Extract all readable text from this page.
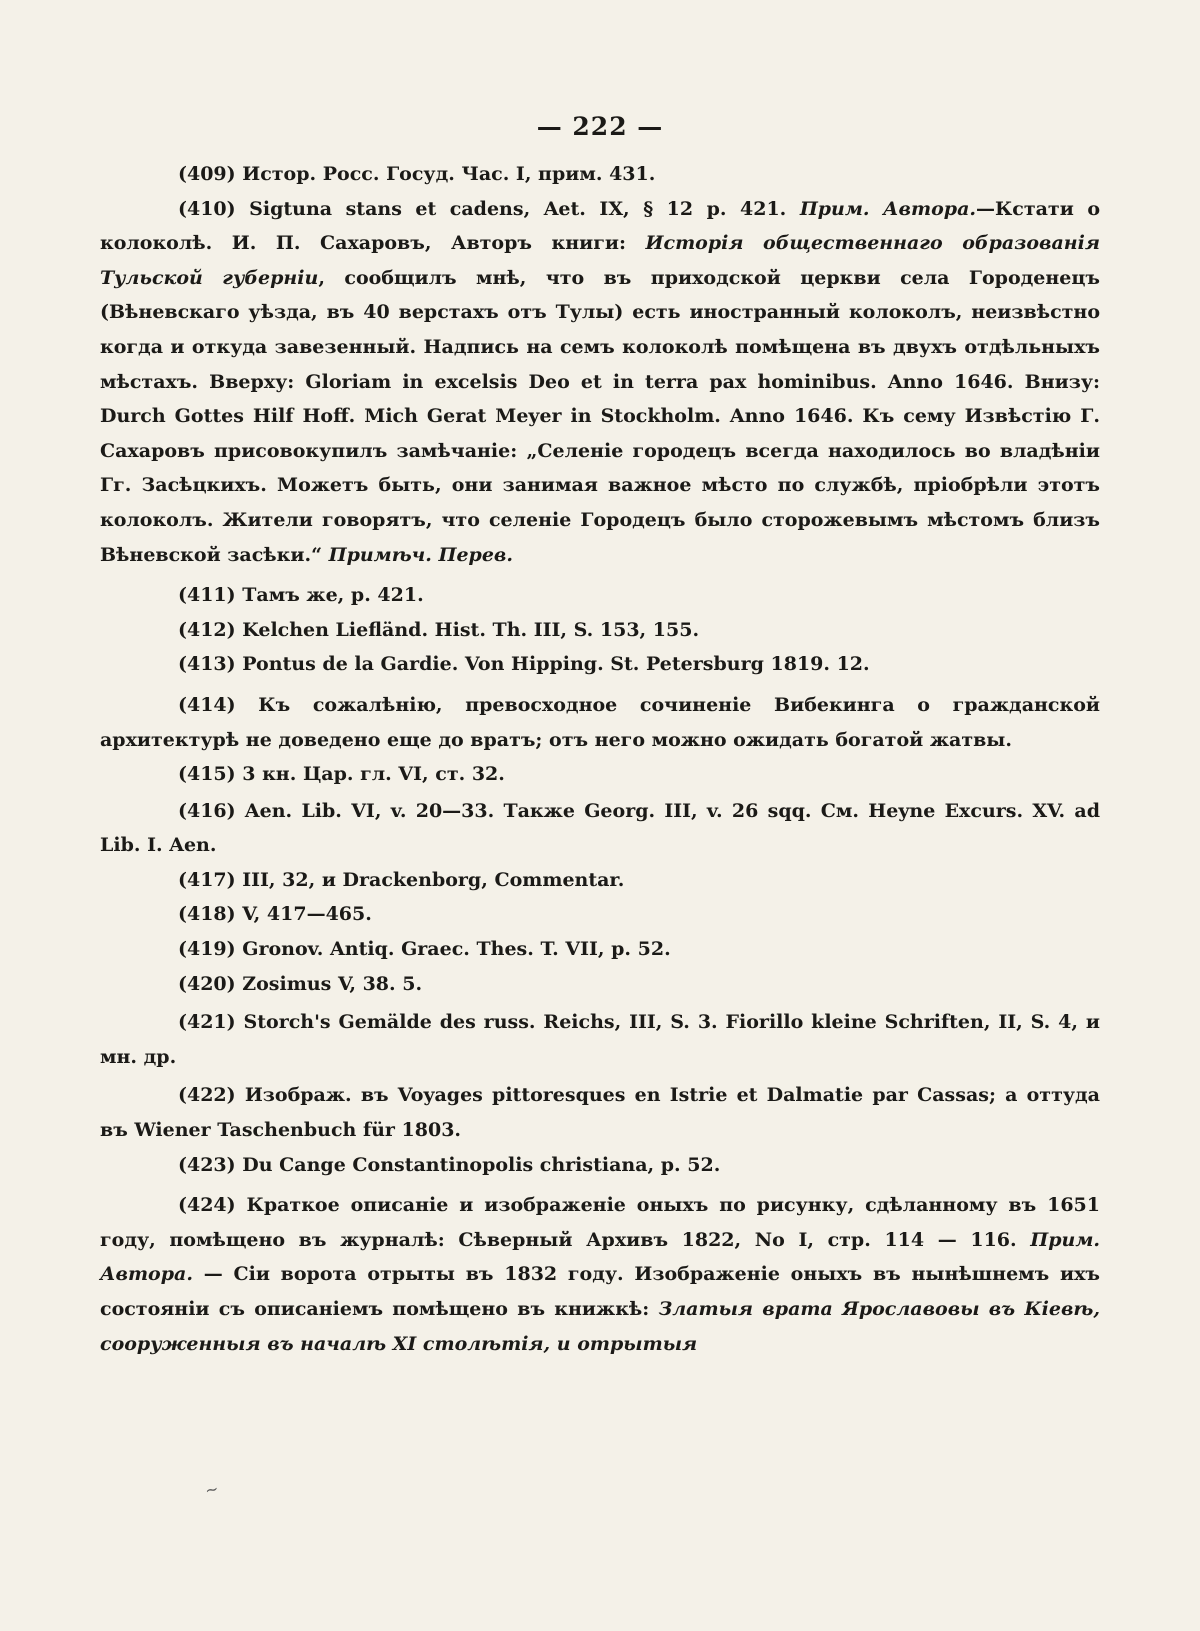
— 222 —

(409) Истор. Росс. Госуд. Час. I, прим. 431.

(410) Sigtuna stans et cadens, Aet. IX, § 12 p. 421. Прим. Автора.—Кстати о колоколѣ. И. П. Сахаровъ, Авторъ книги: Исторія общественнаго образованія Тульской губерніи, сообщилъ мнѣ, что въ приходской церкви села Городенецъ (Вѣневскаго уѣзда, въ 40 верстахъ отъ Тулы) есть иностранный колоколъ, неизвѣстно когда и откуда завезенный. Надпись на семъ колоколѣ помѣщена въ двухъ отдѣльныхъ мѣстахъ. Вверху: Gloriam in excelsis Deo et in terra pax hominibus. Anno 1646. Внизу: Durch Gottes Hilf Hoff. Mich Gerat Meyer in Stockholm. Anno 1646. Къ сему Извѣстію Г. Сахаровъ присовокупилъ замѣчаніе: „Селеніе городецъ всегда находилось во владѣніи Гг. Засѣцкихъ. Можетъ быть, они занимая важное мѣсто по службѣ, пріобрѣли этотъ колоколъ. Жители говорятъ, что селеніе Городецъ было сторожевымъ мѣстомъ близъ Вѣневской засѣки.“ Примѣч. Перев.

(411) Тамъ же, p. 421.

(412) Kelchen Liefländ. Hist. Th. III, S. 153, 155.

(413) Pontus de la Gardie. Von Hipping. St. Petersburg 1819. 12.

(414) Къ сожалѣнію, превосходное сочиненіе Вибекинга о гражданской архитектурѣ не доведено еще до вратъ; отъ него можно ожидать богатой жатвы.

(415) 3 кн. Цар. гл. VI, ст. 32.

(416) Aen. Lib. VI, v. 20—33. Также Georg. III, v. 26 sqq. См. Heyne Excurs. XV. ad Lib. I. Aen.

(417) III, 32, и Drackenborg, Commentar.

(418) V, 417—465.

(419) Gronov. Antiq. Graec. Thes. T. VII, p. 52.

(420) Zosimus V, 38. 5.

(421) Storch's Gemälde des russ. Reichs, III, S. 3. Fiorillo kleine Schriften, II, S. 4, и мн. др.

(422) Изображ. въ Voyages pittoresques en Istrie et Dalmatie par Cassas; а оттуда въ Wiener Taschenbuch für 1803.

(423) Du Cange Constantinopolis christiana, p. 52.

(424) Краткое описаніе и изображеніе оныхъ по рисунку, сдѣланному въ 1651 году, помѣщено въ журналѣ: Сѣверный Архивъ 1822, No I, стр. 114 — 116. Прим. Автора. — Сіи ворота отрыты въ 1832 году. Изображеніе оныхъ въ нынѣшнемъ ихъ состояніи съ описаніемъ помѣщено въ книжкѣ: Златыя врата Ярославовы въ Кіевѣ, сооруженныя въ началѣ XI столѣтія, и отрытыя

~
